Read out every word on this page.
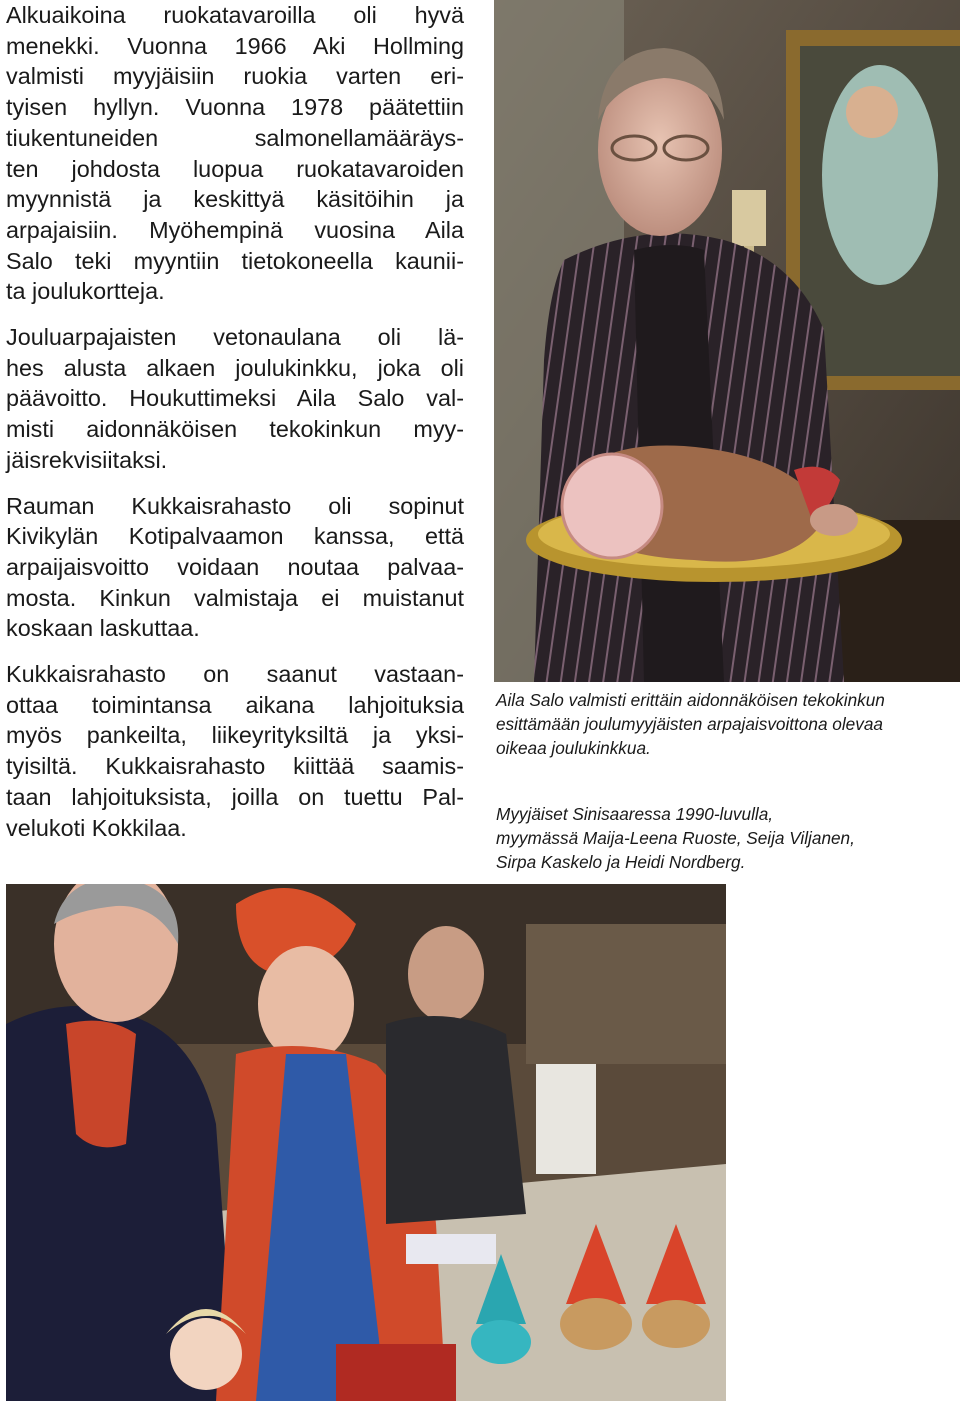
Alkuaikoina ruokatavaroilla oli hyvä
menekki. Vuonna 1966 Aki Hollming
valmisti myyjäisiin ruokia varten eri-
tyisen hyllyn. Vuonna 1978 päätettiin
tiukentuneiden salmonellamääräys-
ten johdosta luopua ruokatavaroiden
myynnistä ja keskittyä käsitöihin ja
arpajaisiin. Myöhempinä vuosina Aila
Salo teki myyntiin tietokoneella kaunii-
ta joulukortteja.

Jouluarpajaisten vetonaulana oli lä-
hes alusta alkaen joulukinkku, joka oli
päävoitto. Houkuttimeksi Aila Salo val-
misti aidonnäköisen tekokinkun myy-
jäisrekvisiitaksi.

Rauman Kukkaisrahasto oli sopinut
Kivikylän Kotipalvaamon kanssa, että
arpaijaisvoitto voidaan noutaa palvaa-
mosta. Kinkun valmistaja ei muistanut
koskaan laskuttaa.

Kukkaisrahasto on saanut vastaan-
ottaa toimintansa aikana lahjoituksia
myös pankeilta, liikeyrityksiltä ja yksi-
tyisiltä. Kukkaisrahasto kiittää saamis-
taan lahjoituksista, joilla on tuettu Pal-
velukoti Kokkilaa.

Aila Salo valmisti erittäin aidonnäköisen tekokinkun
esittämään joulumyyjäisten arpajaisvoittona olevaa
oikeaa joulukinkkua.
Myyjäiset Sinisaaressa 1990-luvulla,
myymässä Maija-Leena Ruoste, Seija Viljanen,
Sirpa Kaskelo ja Heidi Nordberg.
